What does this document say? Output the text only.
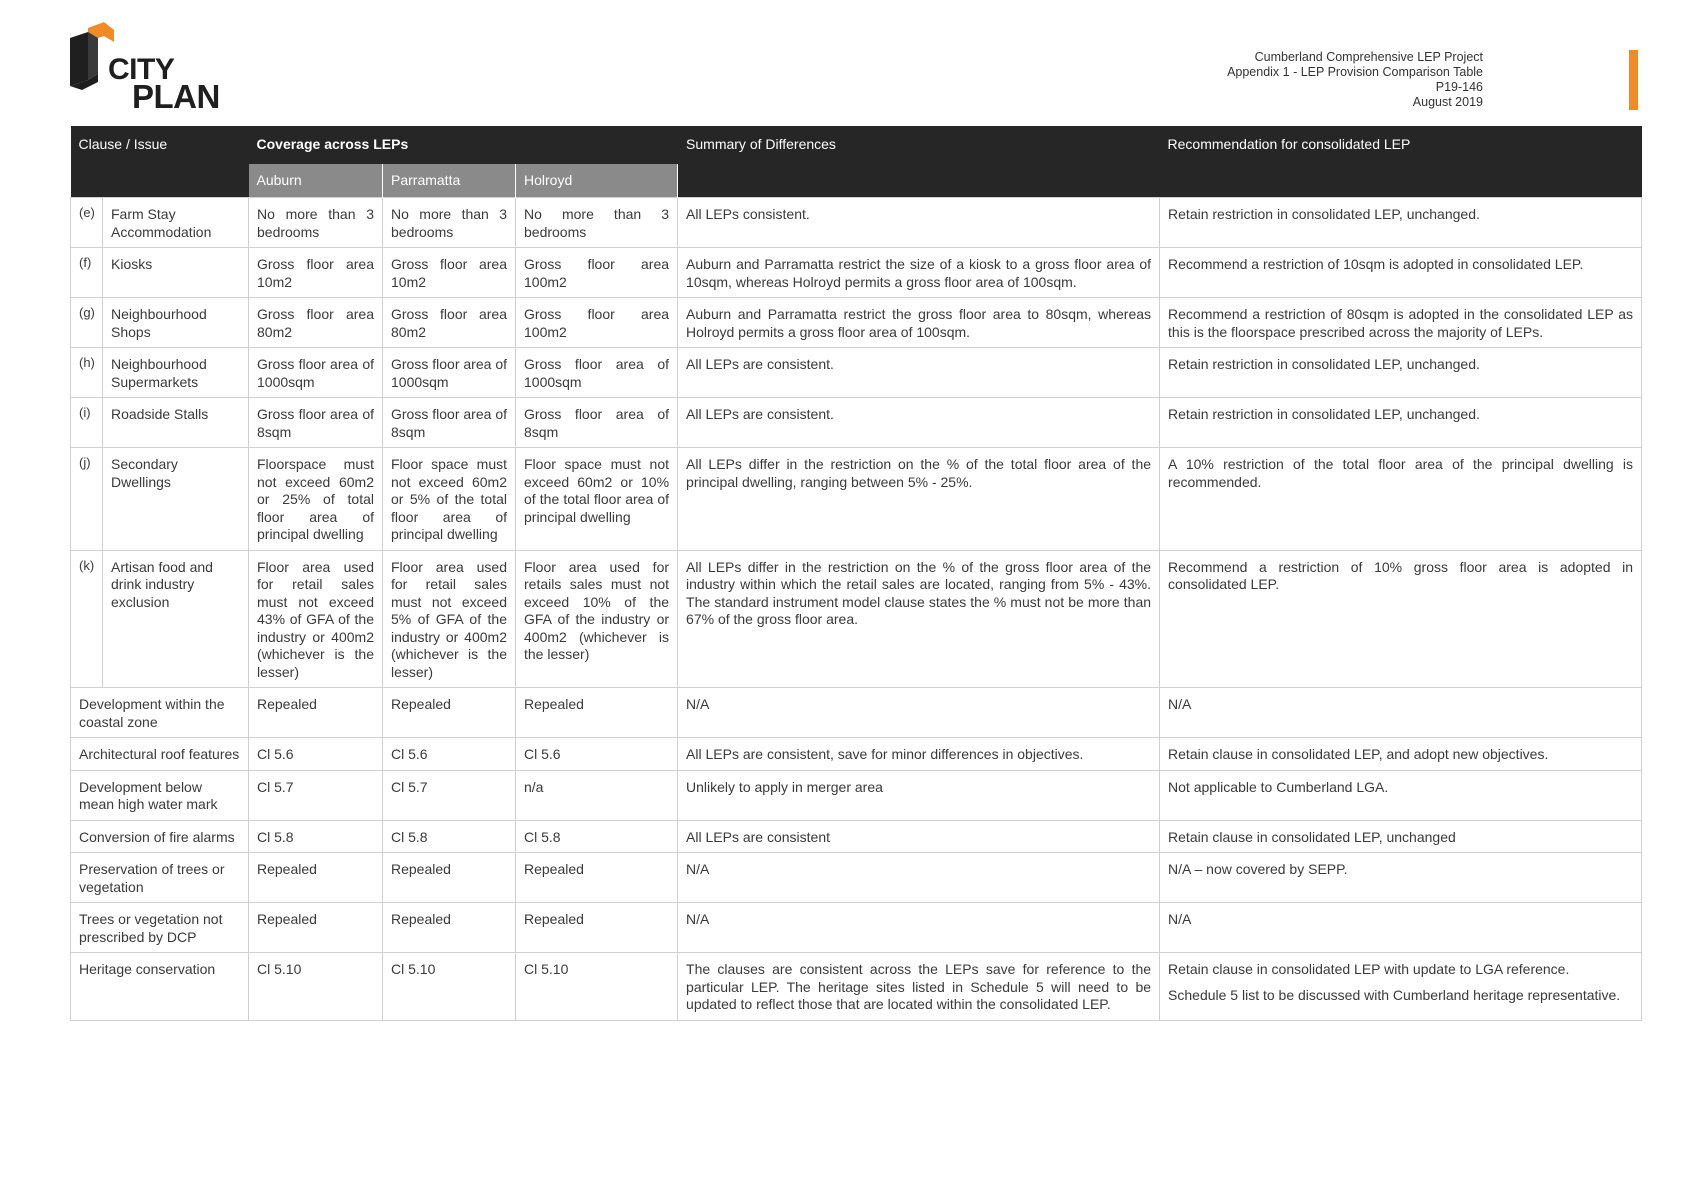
CITY
PLAN
Cumberland Comprehensive LEP Project
Appendix 1 - LEP Provision Comparison Table
P19-146
August 2019
Clause / Issue		Coverage across LEPs			Summary of Differences	Recommendation for consolidated LEP
		Auburn	Parramatta	Holroyd		
(e)	Farm Stay Accommodation	No more than 3 bedrooms	No more than 3 bedrooms	No more than 3 bedrooms	All LEPs consistent.	Retain restriction in consolidated LEP, unchanged.
(f)	Kiosks	Gross floor area 10m2	Gross floor area 10m2	Gross floor area 100m2	Auburn and Parramatta restrict the size of a kiosk to a gross floor area of 10sqm, whereas Holroyd permits a gross floor area of 100sqm.	Recommend a restriction of 10sqm is adopted in consolidated LEP.
(g)	Neighbourhood Shops	Gross floor area 80m2	Gross floor area 80m2	Gross floor area 100m2	Auburn and Parramatta restrict the gross floor area to 80sqm, whereas Holroyd permits a gross floor area of 100sqm.	Recommend a restriction of 80sqm is adopted in the consolidated LEP as this is the floorspace prescribed across the majority of LEPs.
(h)	Neighbourhood Supermarkets	Gross floor area of 1000sqm	Gross floor area of 1000sqm	Gross floor area of 1000sqm	All LEPs are consistent.	Retain restriction in consolidated LEP, unchanged.
(i)	Roadside Stalls	Gross floor area of 8sqm	Gross floor area of 8sqm	Gross floor area of 8sqm	All LEPs are consistent.	Retain restriction in consolidated LEP, unchanged.
(j)	Secondary Dwellings	Floorspace must not exceed 60m2 or 25% of total floor area of principal dwelling	Floor space must not exceed 60m2 or 5% of the total floor area of principal dwelling	Floor space must not exceed 60m2 or 10% of the total floor area of principal dwelling	All LEPs differ in the restriction on the % of the total floor area of the principal dwelling, ranging between 5% - 25%.	A 10% restriction of the total floor area of the principal dwelling is recommended.
(k)	Artisan food and drink industry exclusion	Floor area used for retail sales must not exceed 43% of GFA of the industry or 400m2 (whichever is the lesser)	Floor area used for retail sales must not exceed 5% of GFA of the industry or 400m2 (whichever is the lesser)	Floor area used for retails sales must not exceed 10% of the GFA of the industry or 400m2 (whichever is the lesser)	All LEPs differ in the restriction on the % of the gross floor area of the industry within which the retail sales are located, ranging from 5% - 43%. The standard instrument model clause states the % must not be more than 67% of the gross floor area.	Recommend a restriction of 10% gross floor area is adopted in consolidated LEP.
Development within the coastal zone		Repealed	Repealed	Repealed	N/A	N/A
Architectural roof features		Cl 5.6	Cl 5.6	Cl 5.6	All LEPs are consistent, save for minor differences in objectives.	Retain clause in consolidated LEP, and adopt new objectives.
Development below mean high water mark		Cl 5.7	Cl 5.7	n/a	Unlikely to apply in merger area	Not applicable to Cumberland LGA.
Conversion of fire alarms		Cl 5.8	Cl 5.8	Cl 5.8	All LEPs are consistent	Retain clause in consolidated LEP, unchanged
Preservation of trees or vegetation		Repealed	Repealed	Repealed	N/A	N/A – now covered by SEPP.
Trees or vegetation not prescribed by DCP		Repealed	Repealed	Repealed	N/A	N/A
Heritage conservation		Cl 5.10	Cl 5.10	Cl 5.10	The clauses are consistent across the LEPs save for reference to the particular LEP. The heritage sites listed in Schedule 5 will need to be updated to reflect those that are located within the consolidated LEP.	Retain clause in consolidated LEP with update to LGA reference.

Schedule 5 list to be discussed with Cumberland heritage representative.
